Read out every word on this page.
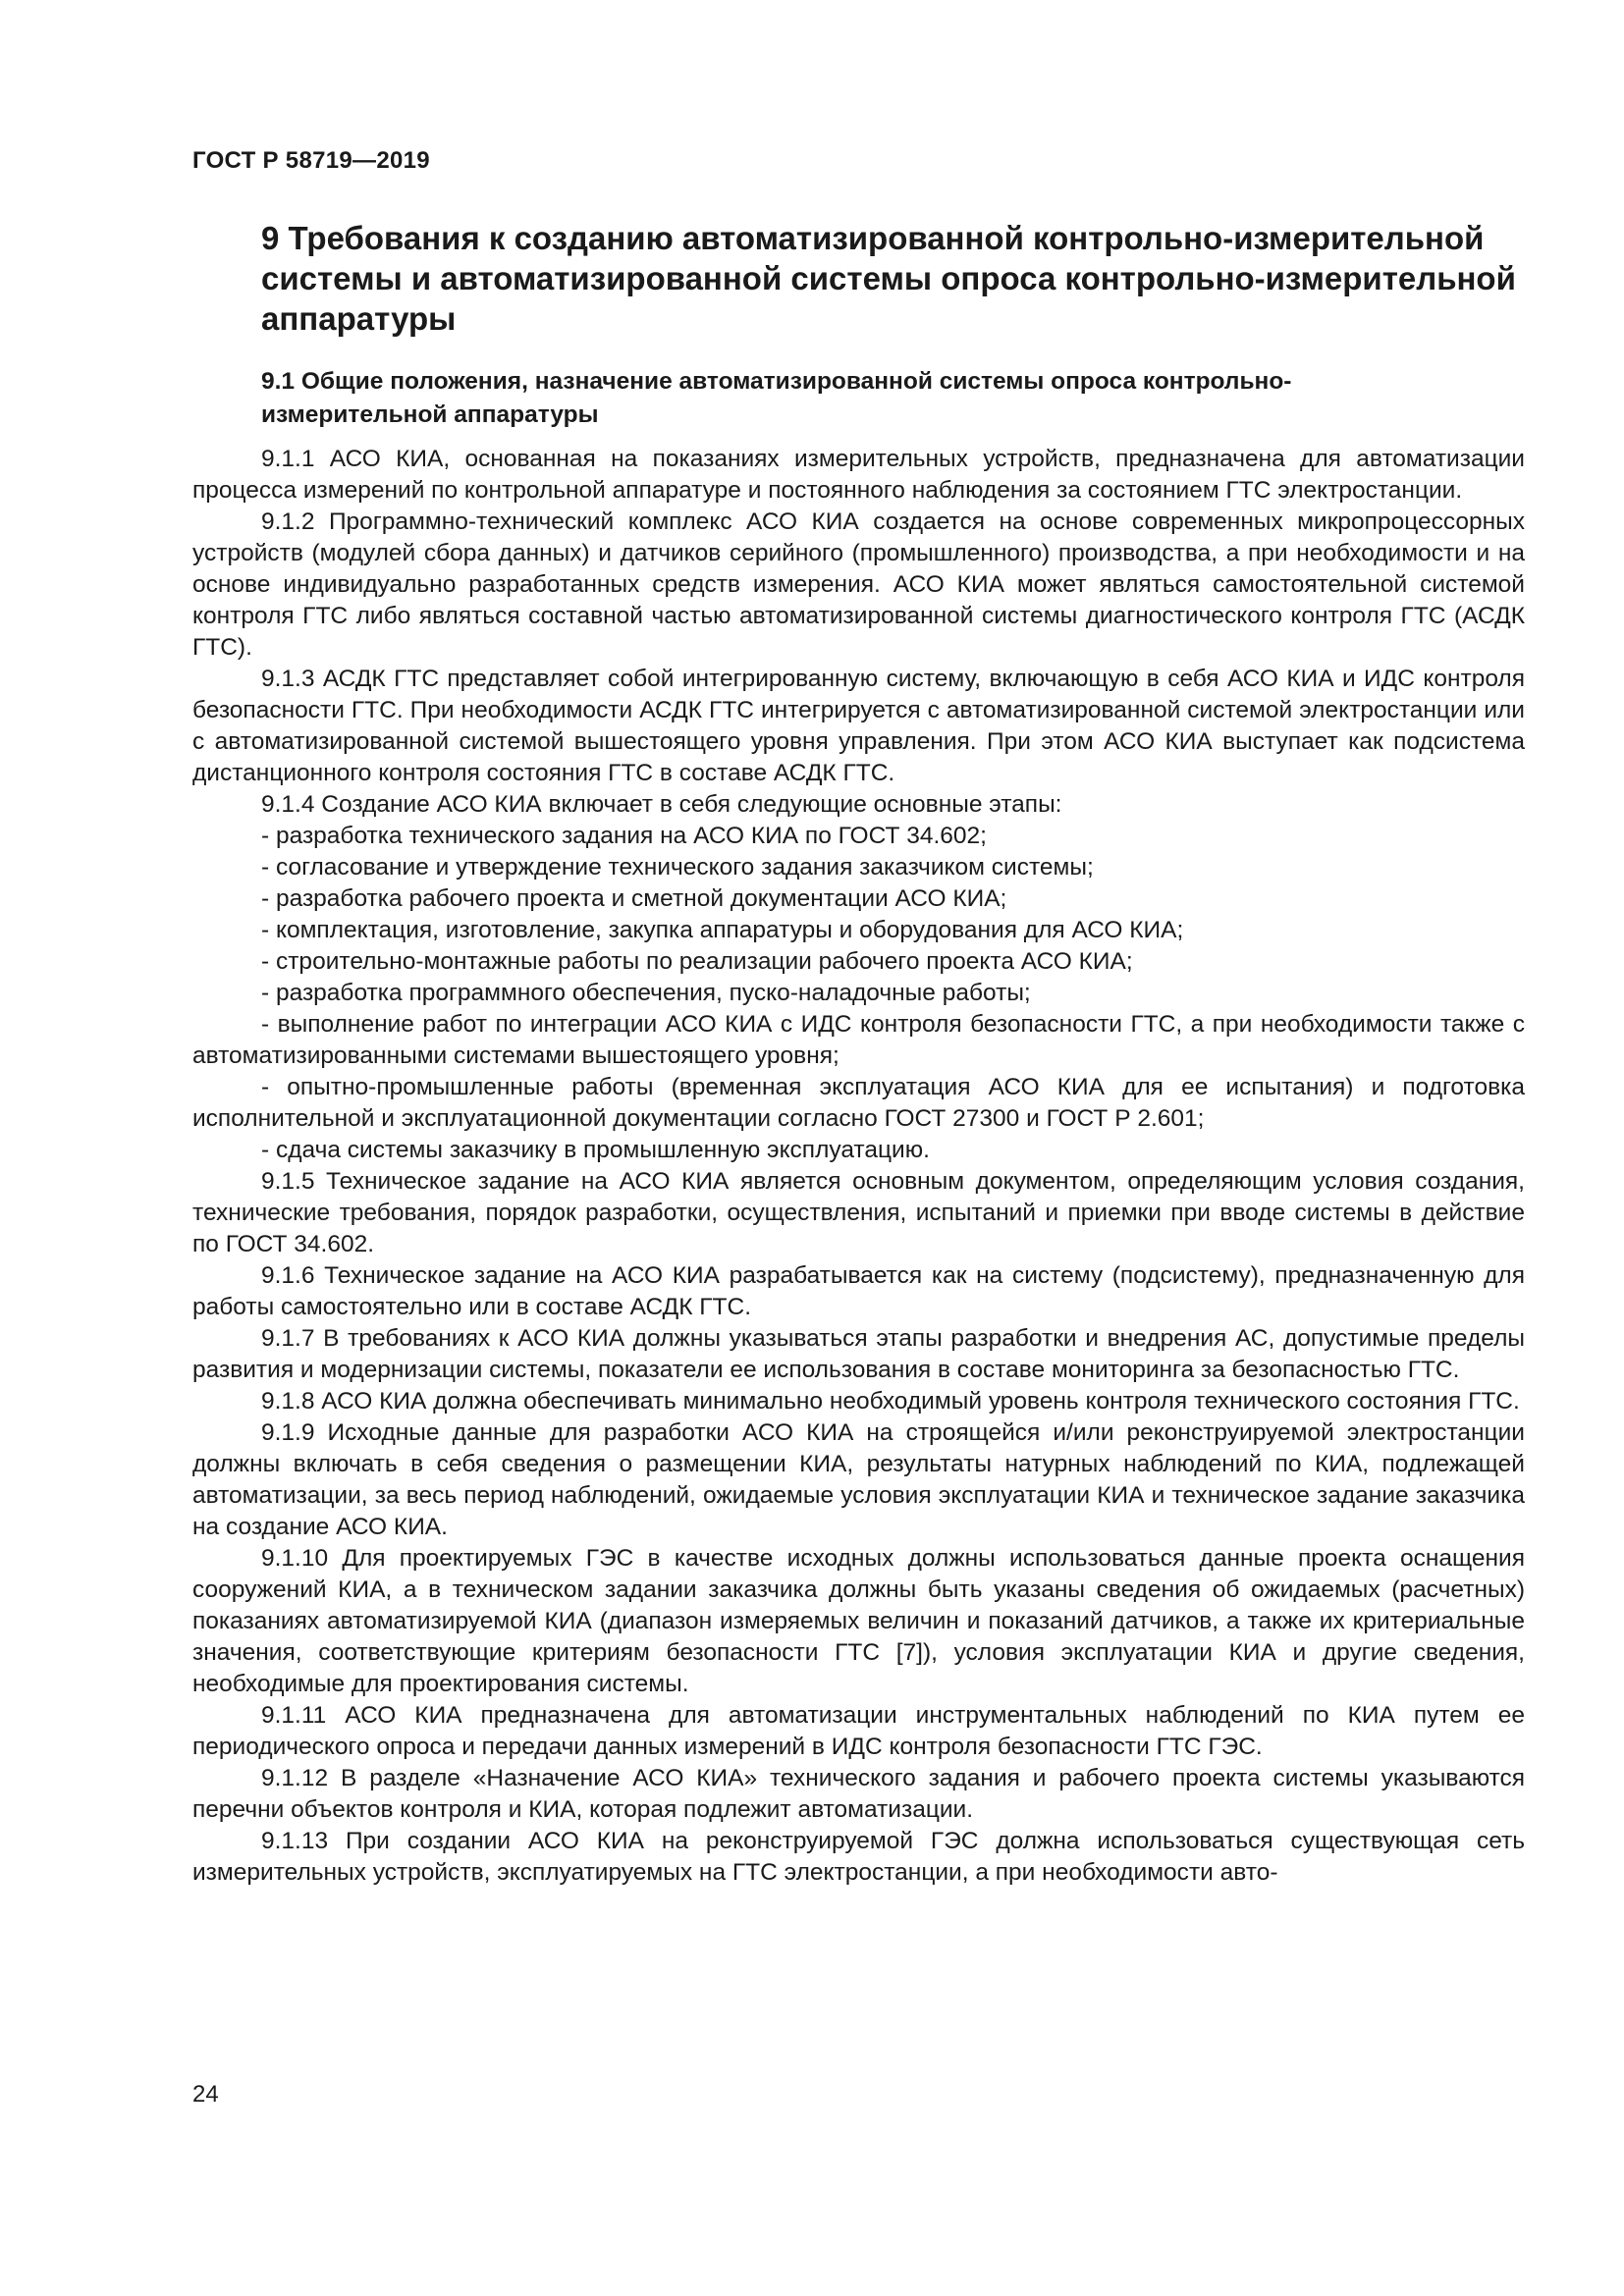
ГОСТ Р 58719—2019
9 Требования к созданию автоматизированной контрольно-измерительной системы и автоматизированной системы опроса контрольно-измерительной аппаратуры
9.1 Общие положения, назначение автоматизированной системы опроса контрольно-измерительной аппаратуры

9.1.1 АСО КИА, основанная на показаниях измерительных устройств, предназначена для автоматизации процесса измерений по контрольной аппаратуре и постоянного наблюдения за состоянием ГТС электростанции.

9.1.2 Программно-технический комплекс АСО КИА создается на основе современных микропроцессорных устройств (модулей сбора данных) и датчиков серийного (промышленного) производства, а при необходимости и на основе индивидуально разработанных средств измерения. АСО КИА может являться самостоятельной системой контроля ГТС либо являться составной частью автоматизированной системы диагностического контроля ГТС (АСДК ГТС).

9.1.3 АСДК ГТС представляет собой интегрированную систему, включающую в себя АСО КИА и ИДС контроля безопасности ГТС. При необходимости АСДК ГТС интегрируется с автоматизированной системой электростанции или с автоматизированной системой вышестоящего уровня управления. При этом АСО КИА выступает как подсистема дистанционного контроля состояния ГТС в составе АСДК ГТС.

9.1.4 Создание АСО КИА включает в себя следующие основные этапы:

- разработка технического задания на АСО КИА по ГОСТ 34.602;

- согласование и утверждение технического задания заказчиком системы;

- разработка рабочего проекта и сметной документации АСО КИА;

- комплектация, изготовление, закупка аппаратуры и оборудования для АСО КИА;

- строительно-монтажные работы по реализации рабочего проекта АСО КИА;

- разработка программного обеспечения, пуско-наладочные работы;

- выполнение работ по интеграции АСО КИА с ИДС контроля безопасности ГТС, а при необходимости также с автоматизированными системами вышестоящего уровня;

- опытно-промышленные работы (временная эксплуатация АСО КИА для ее испытания) и подготовка исполнительной и эксплуатационной документации согласно ГОСТ 27300 и ГОСТ Р 2.601;

- сдача системы заказчику в промышленную эксплуатацию.

9.1.5 Техническое задание на АСО КИА является основным документом, определяющим условия создания, технические требования, порядок разработки, осуществления, испытаний и приемки при вводе системы в действие по ГОСТ 34.602.

9.1.6 Техническое задание на АСО КИА разрабатывается как на систему (подсистему), предназначенную для работы самостоятельно или в составе АСДК ГТС.

9.1.7 В требованиях к АСО КИА должны указываться этапы разработки и внедрения АС, допустимые пределы развития и модернизации системы, показатели ее использования в составе мониторинга за безопасностью ГТС.

9.1.8 АСО КИА должна обеспечивать минимально необходимый уровень контроля технического состояния ГТС.

9.1.9 Исходные данные для разработки АСО КИА на строящейся и/или реконструируемой электростанции должны включать в себя сведения о размещении КИА, результаты натурных наблюдений по КИА, подлежащей автоматизации, за весь период наблюдений, ожидаемые условия эксплуатации КИА и техническое задание заказчика на создание АСО КИА.

9.1.10 Для проектируемых ГЭС в качестве исходных должны использоваться данные проекта оснащения сооружений КИА, а в техническом задании заказчика должны быть указаны сведения об ожидаемых (расчетных) показаниях автоматизируемой КИА (диапазон измеряемых величин и показаний датчиков, а также их критериальные значения, соответствующие критериям безопасности ГТС [7]), условия эксплуатации КИА и другие сведения, необходимые для проектирования системы.

9.1.11 АСО КИА предназначена для автоматизации инструментальных наблюдений по КИА путем ее периодического опроса и передачи данных измерений в ИДС контроля безопасности ГТС ГЭС.

9.1.12 В разделе «Назначение АСО КИА» технического задания и рабочего проекта системы указываются перечни объектов контроля и КИА, которая подлежит автоматизации.

9.1.13 При создании АСО КИА на реконструируемой ГЭС должна использоваться существующая сеть измерительных устройств, эксплуатируемых на ГТС электростанции, а при необходимости авто-

24
